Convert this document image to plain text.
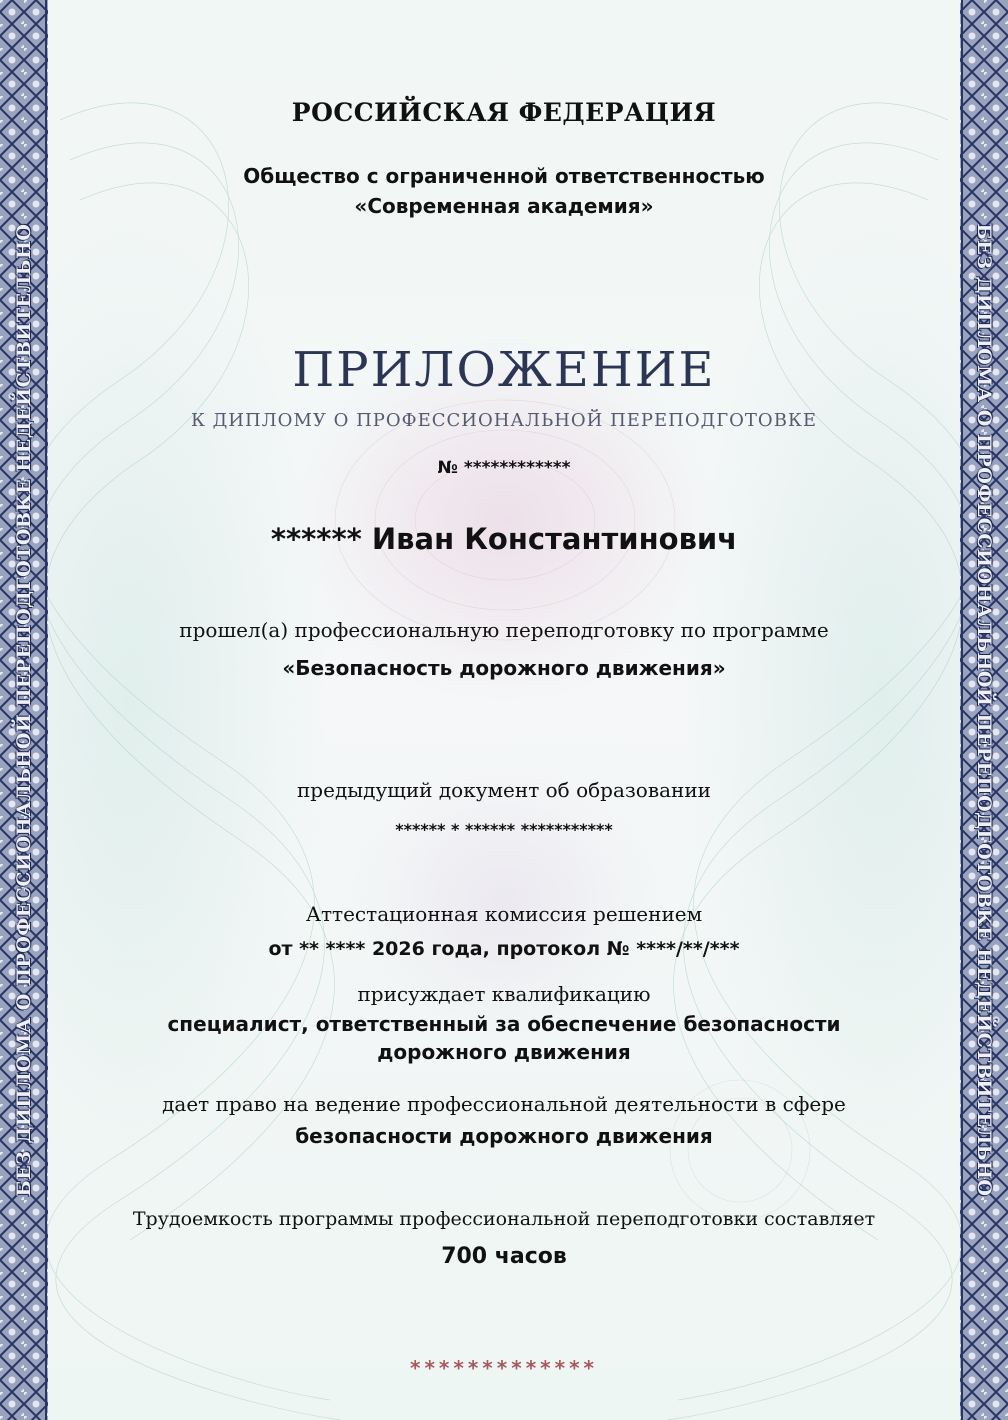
БЕЗ ДИПЛОМА О ПРОФЕССИОНАЛЬНОЙ ПЕРЕПОДГОТОВКЕ НЕДЕЙСТВИТЕЛЬНО	БЕЗ ДИПЛОМА О ПРОФЕССИОНАЛЬНОЙ ПЕРЕПОДГОТОВКЕ НЕДЕЙСТВИТЕЛЬНО
РОССИЙСКАЯ ФЕДЕРАЦИЯ
Общество с ограниченной ответственностью
«Современная академия»
ПРИЛОЖЕНИЕ
К ДИПЛОМУ О ПРОФЕССИОНАЛЬНОЙ ПЕРЕПОДГОТОВКЕ
№ ************
****** Иван Константинович
прошел(а) профессиональную переподготовку по программе
«Безопасность дорожного движения»
предыдущий документ об образовании
****** * ****** ***********
Аттестационная комиссия решением
от ** **** 2026 года, протокол № ****/**/***
присуждает квалификацию
специалист, ответственный за обеспечение безопасности
дорожного движения
дает право на ведение профессиональной деятельности в сфере
безопасности дорожного движения
Трудоемкость программы профессиональной переподготовки составляет
700 часов
*************
